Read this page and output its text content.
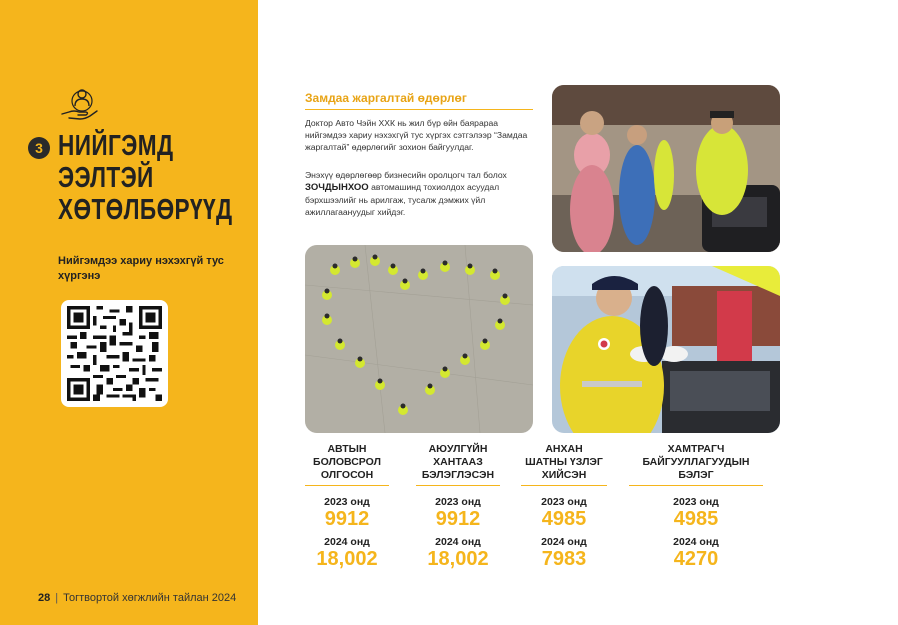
3 НИЙГЭМД
ЭЭЛТЭЙ
ХӨТӨЛБӨРҮҮД
Нийгэмдээ хариу нэхэхгүй тус хүргэнэ
28 | Тогтвортой хөгжлийн тайлан 2024
Замдаа жаргалтай өдөрлөг

Доктор Авто Чэйн ХХК нь жил бүр өйн баярараа нийгэмдээ хариу нэхэхгүй тус хүргэх сэтгэлээр “Замдаа жаргалтай” өдөрлөгийг зохион байгуулдаг.

Энэхүү өдөрлөгөөр бизнесийн оролцогч тал болох ЗОЧДЫНХОО автомашинд тохиолдох асуудал бэрхшээлийг нь арилгаж, тусалж дэмжих үйл ажиллагаануудыг хийдэг.

АВТЫН
БОЛОВСРОЛ
ОЛГОСОН
2023 онд
9912
2024 онд
18,002
АЮУЛГҮЙН
ХАНТААЗ
БЭЛЭГЛЭСЭН
2023 онд
9912
2024 онд
18,002
АНХАН
ШАТНЫ ҮЗЛЭГ
ХИЙСЭН
2023 онд
4985
2024 онд
7983
ХАМТРАГЧ
БАЙГУУЛЛАГУУДЫН
БЭЛЭГ
2023 онд
4985
2024 онд
4270
